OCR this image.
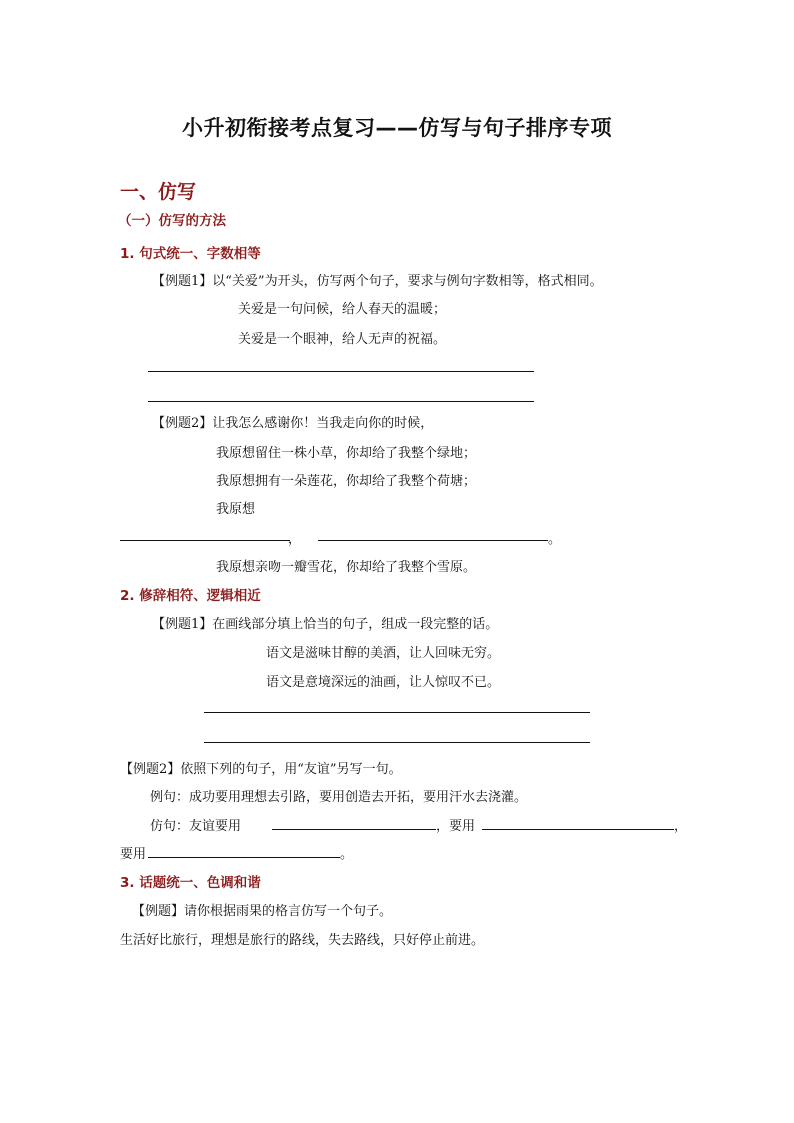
小升初衔接考点复习——仿写与句子排序专项
一、仿写
（一）仿写的方法
1. 句式统一、字数相等
【例题1】以“关爱”为开头，仿写两个句子，要求与例句字数相等，格式相同。
关爱是一句问候，给人春天的温暖；
关爱是一个眼神，给人无声的祝福。
【例题2】让我怎么感谢你！当我走向你的时候，
我原想留住一株小草，你却给了我整个绿地；
我原想拥有一朵莲花，你却给了我整个荷塘；
我原想
，	。
我原想亲吻一瓣雪花，你却给了我整个雪原。
2. 修辞相符、逻辑相近
【例题1】在画线部分填上恰当的句子，组成一段完整的话。
语文是滋味甘醇的美酒，让人回味无穷。
语文是意境深远的油画，让人惊叹不已。
【例题2】依照下列的句子，用“友谊”另写一句。
例句：成功要用理想去引路，要用创造去开拓，要用汗水去浇灌。
仿句：友谊要用	，要用	，
要用	。
3. 话题统一、色调和谐
【例题】请你根据雨果的格言仿写一个句子。
生活好比旅行，理想是旅行的路线，失去路线，只好停止前进。
